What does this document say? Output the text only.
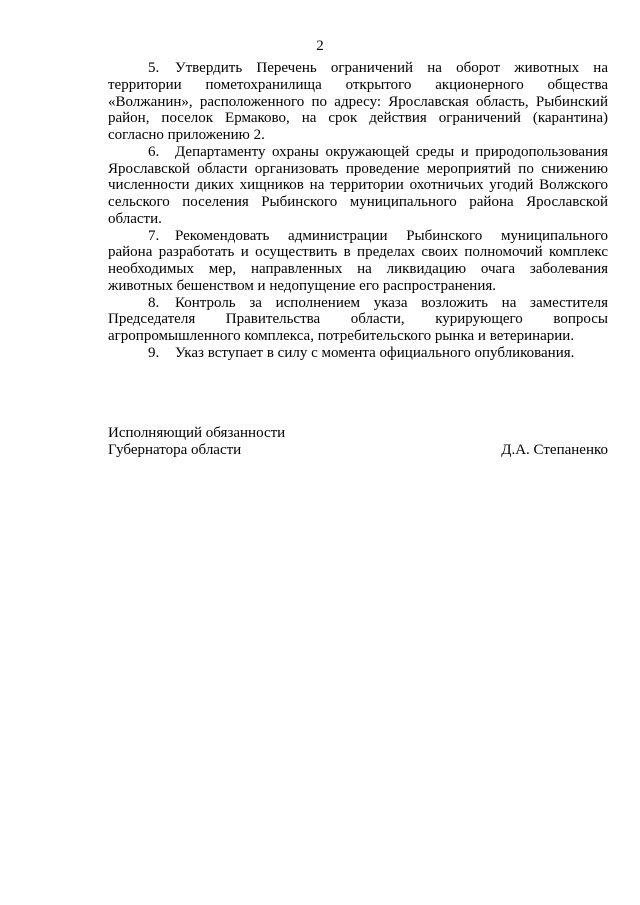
2

5. Утвердить Перечень ограничений на оборот животных на территории пометохранилища открытого акционерного общества «Волжанин», расположенного по адресу: Ярославская область, Рыбинский район, поселок Ермаково, на срок действия ограничений (карантина) согласно приложению 2.

6. Департаменту охраны окружающей среды и природопользования Ярославской области организовать проведение мероприятий по снижению численности диких хищников на территории охотничьих угодий Волжского сельского поселения Рыбинского муниципального района Ярославской области.

7. Рекомендовать администрации Рыбинского муниципального района разработать и осуществить в пределах своих полномочий комплекс необходимых мер, направленных на ликвидацию очага заболевания животных бешенством и недопущение его распространения.

8. Контроль за исполнением указа возложить на заместителя Председателя Правительства области, курирующего вопросы агропромышленного комплекса, потребительского рынка и ветеринарии.

9. Указ вступает в силу с момента официального опубликования.

Исполняющий обязанности
Губернатора области	Д.А. Степаненко
